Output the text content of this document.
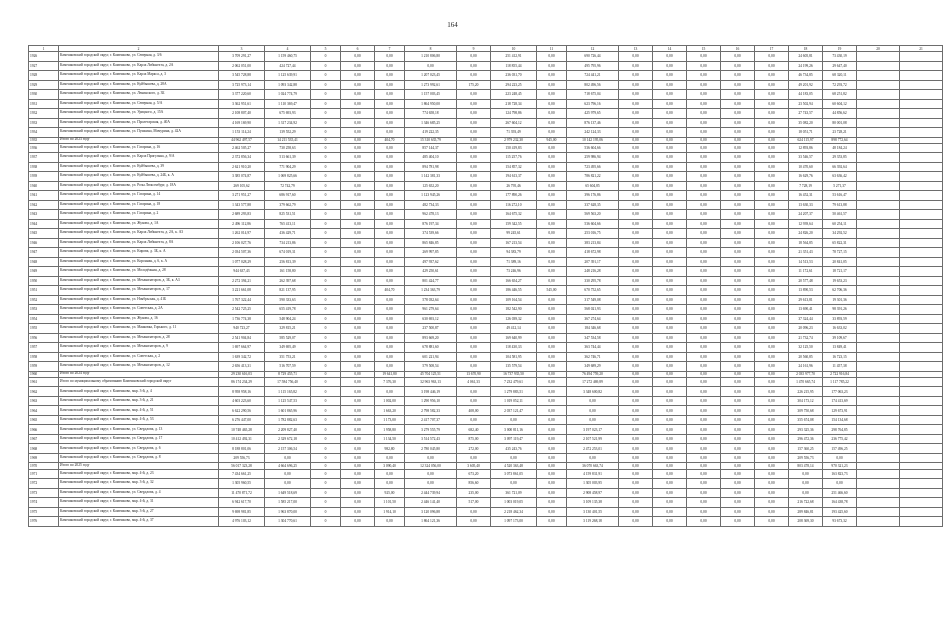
164
1	2	3	4	5	6	7	8	9	10	11	12	13	14	15	16	17	18	19	20	21
1926	Камешковский городской округ, г. Камешково, ул. Северная, д. 3/6	3 709 291,27	1 159 460,75	0	0,00	0,00	1 210 806,80	0,00	251 412,91	0,00	690 726,44	0,00	0,00	0,00	0,00	0,00	24 605,81	73 430,19		
1927	Камешковский городской округ, г. Камешково, ул. Карла Либкнехта, д. 2А	2 062 051,00	424 727,44	0	0,00	0,00	0,00	0,00	118 855,44	0,00	495 795,96	0,00	0,00	0,00	0,00	0,00	24 199,26	29 647,40		
1928	Камешковский городской округ, г. Камешково, ул. Карла Маркса, д. 3	3 545 728,88	1 125 639,91	0	0,00	0,00	1 207 023,45	0,00	236 031,70	0,00	724 441,21	0,00	0,00	0,00	0,00	0,00	46 734,85	68 320,11		
1929	Камешковский городской округ, г. Камешково, ул. Куйбышева, д. 28А	3 725 973,14	1 093 342,88	0	0,00	0,00	1 273 992,61	175,20	294 223,25	0,00	802 496,56	0,00	0,00	0,00	0,00	0,00	49 201,92	72 293,72		
1930	Камешковский городской округ, г. Камешково, ул. Ленинского, д. 3Б	3 377 220,60	1 024 774,79	0	0,00	0,00	1 157 003,45	0,00	223 248,45	0,00	718 675,04	0,00	0,00	0,00	0,00	0,00	44 183,05	68 251,82		
1931	Камешковский городской округ, г. Камешково, ул. Северная, д. 5/А	3 362 951,61	1 110 369,47	0	0,00	0,00	1 864 950,00	0,00	218 728,34	0,00	623 796,16	0,00	0,00	0,00	0,00	0,00	23 502,94	60 604,12		
1932	Камешковский городской округ, г. Камешково, ул. Урицкого, д. 15А	2 108 807,40	675 693,93	0	0,00	0,00	774 658,18	0,00	124 798,86	0,00	425 979,65	0,00	0,00	0,00	0,00	0,00	27 743,57	44 856,62		
1933	Камешковский городской округ, г. Камешково, ул. Пролетарская, д. 40А	4 169 169,90	1 317 234,92	0	0,00	0,00	1 346 685,25	0,00	267 604,12	0,00	876 137,46	0,00	0,00	0,00	0,00	0,00	35 082,20	80 001,08		
1934	Камешковский городской округ, г. Камешково, ул. Пушкина, Мичурина, д. 42А	1 153 114,24	139 552,29	0	0,00	0,00	419 222,35	0,00	71 393,49	0,00	242 124,33	0,00	0,00	0,00	0,00	0,00	18 051,71	23 728,21		
1935	Итого по 2023 году	44 962 497,57	14 211 535,41	0	0,00	404,70	15 310 635,79	0,00	2 979 232,30	945,00	10 142 195,06	0,00	0,00	0,00	0,00	0,00	624 115,97	898 772,64		
1936	Камешковский городской округ, г. Камешково, ул. Гагарина, д. 16	2 462 505,27	730 258,63	0	0,00	0,00	857 144,37	0,00	150 419,83	0,00	536 604,66	0,00	0,00	0,00	0,00	0,00	12 893,86	48 184,24		
1937	Камешковский городской округ, г. Камешково, ул. Карла Пригуляна, д. 9/А	2 372 856,34	513 661,39	0	0,00	0,00	485 404,10	0,00	115 257,76	0,00	259 986,94	0,00	0,00	0,00	0,00	0,00	33 546,57	29 353,85		
1938	Камешковский городской округ, г. Камешково, ул. Куйбышева, д. 39	2 621 910,20	771 904,29	0	0,00	0,00	894 781,98	0,00	154 857,32	0,00	723 495,66	0,00	0,00	0,00	0,00	0,00	10 470,60	66 392,64		
1939	Камешковский городской округ, г. Камешково, ул. Куйбышева, д. 24Б, к. А	3 385 074,87	1 069 825,66	0	0,00	0,00	1 142 381,33	0,00	194 613,37	0,00	786 821,22	0,00	0,00	0,00	0,00	0,00	16 629,76	63 636,42		
1940	Камешковский городской округ, г. Камешково, ул. Розы Люксембург, д. 18А	269 105,62	72 742,79	0	0,00	0,00	125 652,20	0,00	26 795,46	0,00	65 604,85	0,00	0,00	0,00	0,00	0,00	7 728,19	5 271,37		
1941	Камешковский городской округ, г. Камешково, ул. Гагарина, д. 14	3 271 951,27	686 917,60	0	0,00	0,00	1 123 945,26	0,00	177 890,26	0,00	396 176,86	0,00	0,00	0,00	0,00	0,00	16 452,31	53 616,47		
1942	Камешковский городской округ, г. Камешково, ул. Гагарина, д. 18	1 343 577,88	379 662,79	0	0,00	0,00	482 734,33	0,00	116 272,10	0,00	337 628,35	0,00	0,00	0,00	0,00	0,00	13 630,33	79 613,88		
1943	Камешковский городской округ, г. Камешково, ул. Гагарина, д. 2	2 689 293,83	825 531,51	0	0,00	0,00	962 478,13	0,00	164 675,32	0,00	569 563,20	0,00	0,00	0,00	0,00	0,00	24 207,37	50 461,57		
1944	Камешковский городской округ, г. Камешково, ул. Жукова, д. 1А	2 496 112,86	765 413,11	0	0,00	0,00	876 197,34	0,00	159 342,55	0,00	536 604,66	0,00	0,00	0,00	0,00	0,00	12 939,64	60 254,11		
1945	Камешковский городской округ, г. Камешково, ул. Карла Либкнехта, д. 2А, к. А3	1 262 014,97	436 429,71	0	0,00	0,00	374 539,66	0,00	99 245,61	0,00	253 016,75	0,00	0,00	0,00	0,00	0,00	24 826,20	34 292,52		
1946	Камешковский городской округ, г. Камешково, ул. Карла Либкнехта, д. 8А	2 106 027,76	734 213,86	0	0,00	0,00	865 846,85	0,00	167 213,54	0,00	383 213,84	0,00	0,00	0,00	0,00	0,00	18 564,85	65 822,31		
1947	Камешковский городской округ, г. Камешково, ул. Кирова, д. 3Б, к. А	2 034 507,36	674 019,31	0	0,00	0,00	269 997,85	0,00	94 383,79	0,00	418 672,98	0,00	0,00	0,00	0,00	0,00	21 351,43	78 727,15		
1948	Камешковский городской округ, г. Камешково, ул. Коронная, д. 6, к. А	1 077 028,29	256 813,39	0	0,00	0,00	497 937,62	0,00	71 389,16	0,00	207 391,17	0,00	0,00	0,00	0,00	0,00	14 513,53	20 841,05		
1949	Камешковский городской округ, г. Камешково, ул. Молодёжная, д. 28	944 637,43	161 158,80	0	0,00	0,00	429 250,61	0,00	73 246,96	0,00	248 216,28	0,00	0,00	0,00	0,00	0,00	11 172,61	18 721,17		
1950	Камешковский городской округ, г. Камешково, ул. Механизаторов, д. 3Б, к. А3	2 272 394,21	262 397,68	0	0,00	0,00	801 424,77	0,00	166 654,27	0,00	330 295,78	0,00	0,00	0,00	0,00	0,00	20 577,48	19 653,23		
1951	Камешковский городской округ, г. Камешково, ул. Механизаторов, д. 17	3 221 661,08	821 137,95	0	0,00	404,70	1 234 363,79	0,00	186 446,55	545,00	670 752,65	0,00	0,00	0,00	0,00	0,00	13 890,53	62 706,36		
1952	Камешковский городской округ, г. Камешково, ул. Ноябрьская, д. 41Б	1 767 322,44	590 333,63	0	0,00	0,00	578 032,64	0,00	109 164,54	0,00	317 549,08	0,00	0,00	0,00	0,00	0,00	29 613,81	19 301,36		
1953	Камешковский городской округ, г. Камешково, ул. Советская, д. 2А	2 542 725,25	655 419,78	0	0,00	0,00	961 279,64	0,00	182 542,90	0,00	568 021,93	0,00	0,00	0,00	0,00	0,00	13 690,41	98 391,26		
1954	Камешковский городской округ, г. Камешково, ул. Жукова, д. 16	1 736 774,38	548 904,24	0	0,00	0,00	630 693,12	0,00	126 039,32	0,00	367 274,64	0,00	0,00	0,00	0,00	0,00	37 324,44	33 893,59		
1955	Камешковский городской округ, г. Камешково, ул. Маяковка, Горького, д. 11	940 723,27	329 815,21	0	0,00	0,00	237 500,87	0,00	49 412,14	0,00	184 346,68	0,00	0,00	0,00	0,00	0,00	20 096,23	16 633,02		
1956	Камешковский городской округ, г. Камешково, ул. Механизаторов, д. 28	2 541 904,84	585 529,07	0	0,00	0,00	893 669,20	0,00	169 640,99	0,00	347 534,58	0,00	0,00	0,00	0,00	0,00	21 732,74	39 109,67		
1957	Камешковский городской округ, г. Камешково, ул. Механизаторов, д. 9	1 697 664,97	349 695,49	0	0,00	0,00	678 881,60	0,00	118 430,33	0,00	363 744,44	0,00	0,00	0,00	0,00	0,00	32 125,50	13 849,41		
1958	Камешковский городской округ, г. Камешково, ул. Советская, д. 2	1 639 342,72	351 753,21	0	0,00	0,00	601 221,94	0,00	104 581,95	0,00	362 746,71	0,00	0,00	0,00	0,00	0,00	20 560,85	16 723,15		
1959	Камешковский городской округ, г. Камешково, ул. Механизаторов, д. 12	2 656 413,31	516 707,59	0	0,00	0,00	579 508,54	0,00	135 579,54	0,00	349 689,29	0,00	0,00	0,00	0,00	0,00	24 161,96	11 457,38		
1960	Итого по 2024 году	29 230 616,03	8 729 455,71	0	0,00	19 641,80	45 704 125,51	13 670,90	16 737 935,50	0,00	76 494 759,20	0,00	0,00	0,00	0,00	0,00	2 035 977,70	2 722 916,84		
1961	Итого по муниципальному образованию Камешковский городской округ	86 174 234,29	17 584 756,40	0	0,00	7 376,30	32 963 963,13	4 061,33	7 232 479,61	0,00	17 272 469,89	0,00	0,00	0,00	0,00	0,00	1 470 665,74	1 117 785,22		
1962	Камешковский городской округ, г. Камешково, мкр. 3-й, д. 4	8 958 958,16	1 115 165,82	0	0,00	0,00	3 198 446,19	0,00	1 279 883,51	0,00	3 348 600,82	0,00	0,00	0,00	0,00	0,00	226 215,95	177 063,23		
1963	Камешковский городской округ, г. Камешково, мкр. 3-й, д. 21	4 603 223,60	1 125 547,53	0	0,00	1 002,00	1 290 956,10	0,00	1 019 052,11	0,00	0,00	0,00	0,00	0,00	0,00	0,00	304 173,12	174 413,69		
1964	Камешковский городской округ, г. Камешково, мкр. 4-й, д. 51	6 622 290,56	1 601 865,96	0	0,00	1 663,20	2 798 582,33	408,00	2 037 121,47	0,00	0,00	0,00	0,00	0,00	0,00	0,00	309 750,68	129 673,91		
1965	Камешковский городской округ, г. Камешково, мкр. 4-й, д. 53	6 276 447,00	1 782 882,63	0	0,00	1 173,00	2 417 707,37	0,00	0,00	0,00	0,00	0,00	0,00	0,00	0,00	0,00	355 674,08	154 134,68		
1966	Камешковский городской округ, г. Камешково, ул. Свердлова, д. 13	10 748 465,28	2 209 827,40	0	0,00	1 958,80	3 279 555,79	682,40	3 000 811,16	0,00	3 197 023,17	0,00	0,00	0,00	0,00	0,00	293 325,36	298 764,85		
1967	Камешковский городской округ, г. Камешково, ул. Свердлова, д. 17	10 412 492,31	2 329 672,18	0	0,00	1 134,50	3 514 572,43	875,00	3 097 119,47	0,00	2 107 521,99	0,00	0,00	0,00	0,00	0,00	296 472,36	236 775,42		
1968	Камешковский городской округ, г. Камешково, ул. Свердлова, д. 6	8 188 801,06	2 157 306,54	0	0,00	982,80	2 780 045,80	272,00	435 243,76	0,00	2 472 253,01	0,00	0,00	0,00	0,00	0,00	157 360,25	157 496,25		
1969	Камешковский городской округ, г. Камешково, ул. Свердлова, д. 8	209 556,73	0,00	0	0,00	0,00	0,00	0,00	0,00	0,00	0,00	0,00	0,00	0,00	0,00	0,00	209 556,73	0,00		
1970	Итого по 2025 году	56 017 323,28	4 664 696,25	0	0,00	3 090,40	12 324 056,00	3 605,40	4 520 363,48	0,00	36 070 663,74	0,00	0,00	0,00	0,00	0,00	803 478,14	970 321,23		
1971	Камешковский городской округ, г. Камешково, мкр. 4-й, д. 23	7 434 661,25	0,00	0	0,00	0,00	0,00	673,20	3 073 861,05	0,00	4 159 831,91	0,00	0,00	0,00	0,00	0,00	0,00	163 823,73		
1972	Камешковский городской округ, г. Камешково, мкр. 3-й, д. 32	1 305 960,55	0,00	0	0,00	0,00	0,00	856,60	0,00	0,00	1 305 003,95	0,00	0,00	0,00	0,00	0,00	0,00	0,00		
1973	Камешковский городской округ, г. Камешково, ул. Свердлова, д. 4	11 470 871,72	1 649 518,69	0	0,00	925,00	2 444 739,94	235,00	361 721,09	0,00	2 908 458,97	0,00	0,00	0,00	0,00	0,00	0,00	251 466,60		
1974	Камешковский городской округ, г. Камешково, мкр. 4-й, д. 31	6 942 617,70	1 585 217,00	0	0,00	1 101,50	2 446 141,40	517,00	1 003 019,05	0,00	3 109 135,38	0,00	0,00	0,00	0,00	0,00	216 722,68	164 438,78		
1975	Камешковский городской округ, г. Камешково, мкр. 3-й, д. 27	9 698 981,85	1 963 870,00	0	0,00	1 914,10	3 120 096,88	0,00	2 218 462,34	0,00	3 130 401,55	0,00	0,00	0,00	0,00	0,00	289 846,81	193 425,60		
1976	Камешковский городской округ, г. Камешково, мкр. 4-й, д. 37	4 976 103,12	1 304 770,61	0	0,00	0,00	1 864 121,36	0,00	1 097 173,00	0,00	3 119 268,18	0,00	0,00	0,00	0,00	0,00	208 369,30	93 673,32		
